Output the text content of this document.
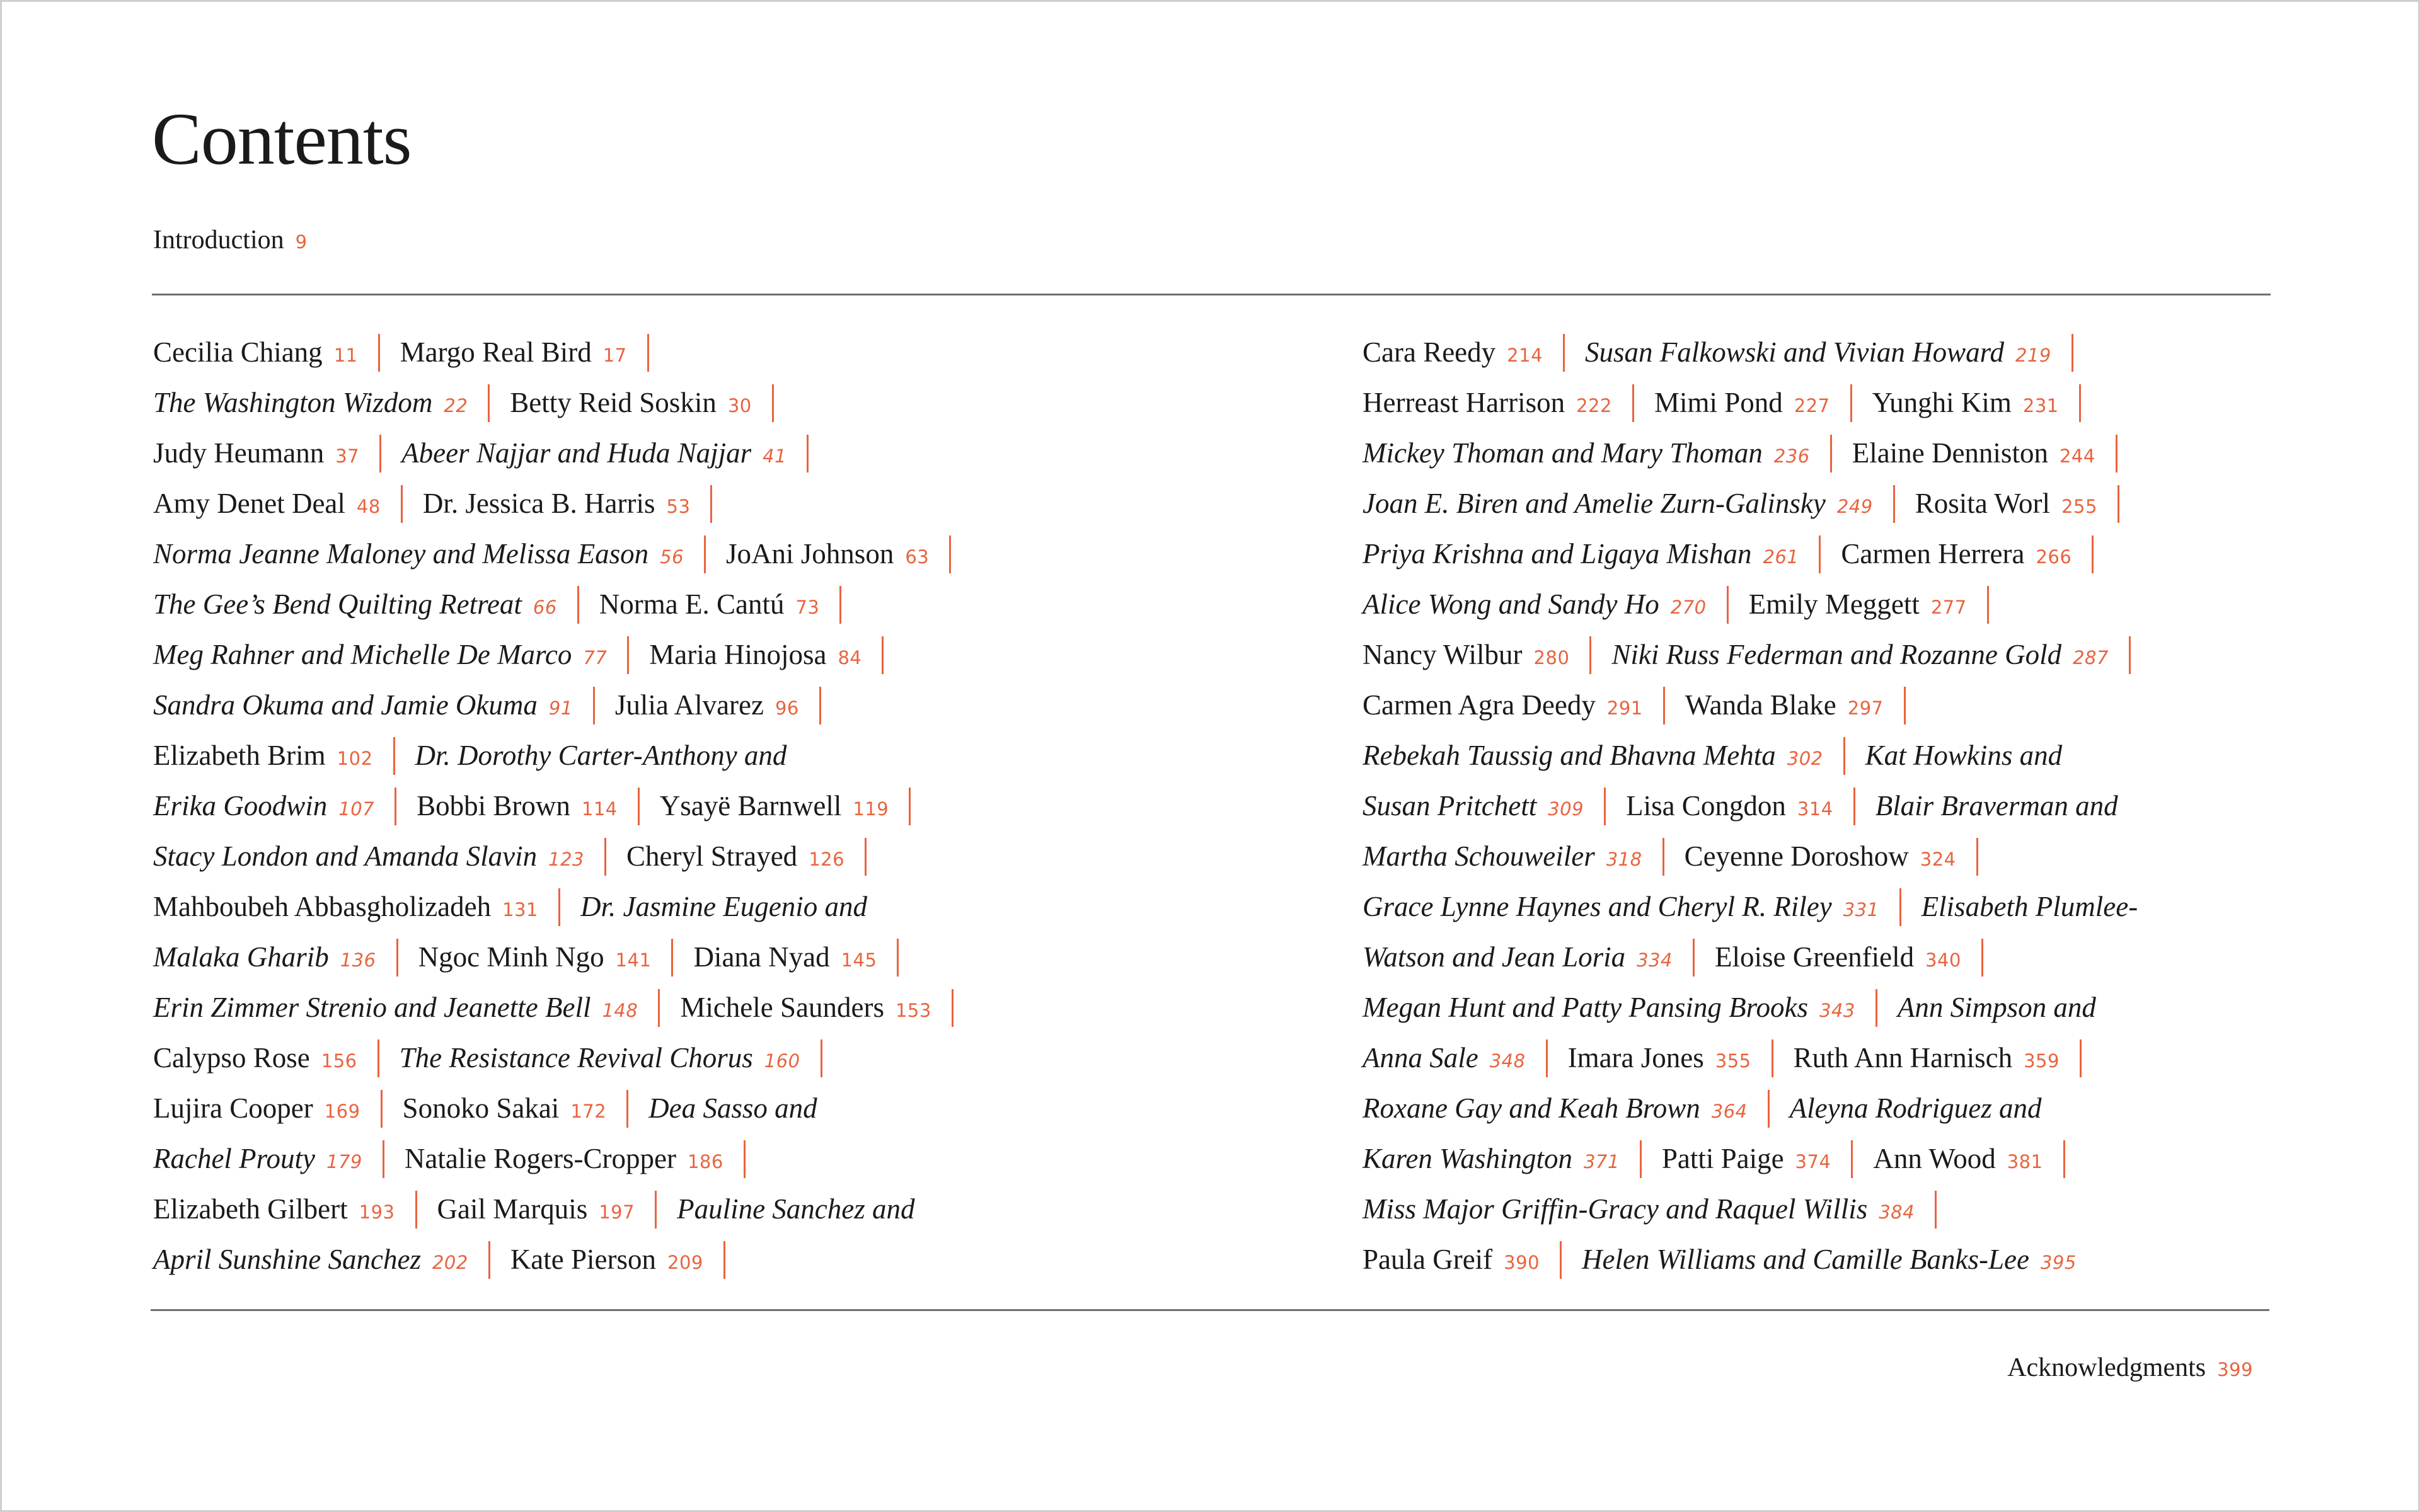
Contents
Introduction 9
Cecilia Chiang 11 Margo Real Bird 17
The Washington Wizdom 22 Betty Reid Soskin 30
Judy Heumann 37 Abeer Najjar and Huda Najjar 41
Amy Denet Deal 48 Dr. Jessica B. Harris 53
Norma Jeanne Maloney and Melissa Eason 56 JoAni Johnson 63
The Gee’s Bend Quilting Retreat 66 Norma E. Cantú 73
Meg Rahner and Michelle De Marco 77 Maria Hinojosa 84
Sandra Okuma and Jamie Okuma 91 Julia Alvarez 96
Elizabeth Brim 102 Dr. Dorothy Carter-Anthony and
Erika Goodwin 107 Bobbi Brown 114 Ysayë Barnwell 119
Stacy London and Amanda Slavin 123 Cheryl Strayed 126
Mahboubeh Abbasgholizadeh 131 Dr. Jasmine Eugenio and
Malaka Gharib 136 Ngoc Minh Ngo 141 Diana Nyad 145
Erin Zimmer Strenio and Jeanette Bell 148 Michele Saunders 153
Calypso Rose 156 The Resistance Revival Chorus 160
Lujira Cooper 169 Sonoko Sakai 172 Dea Sasso and
Rachel Prouty 179 Natalie Rogers-Cropper 186
Elizabeth Gilbert 193 Gail Marquis 197 Pauline Sanchez and
April Sunshine Sanchez 202 Kate Pierson 209
Cara Reedy 214 Susan Falkowski and Vivian Howard 219
Herreast Harrison 222 Mimi Pond 227 Yunghi Kim 231
Mickey Thoman and Mary Thoman 236 Elaine Denniston 244
Joan E. Biren and Amelie Zurn-Galinsky 249 Rosita Worl 255
Priya Krishna and Ligaya Mishan 261 Carmen Herrera 266
Alice Wong and Sandy Ho 270 Emily Meggett 277
Nancy Wilbur 280 Niki Russ Federman and Rozanne Gold 287
Carmen Agra Deedy 291 Wanda Blake 297
Rebekah Taussig and Bhavna Mehta 302 Kat Howkins and
Susan Pritchett 309 Lisa Congdon 314 Blair Braverman and
Martha Schouweiler 318 Ceyenne Doroshow 324
Grace Lynne Haynes and Cheryl R. Riley 331 Elisabeth Plumlee-
Watson and Jean Loria 334 Eloise Greenfield 340
Megan Hunt and Patty Pansing Brooks 343 Ann Simpson and
Anna Sale 348 Imara Jones 355 Ruth Ann Harnisch 359
Roxane Gay and Keah Brown 364 Aleyna Rodriguez and
Karen Washington 371 Patti Paige 374 Ann Wood 381
Miss Major Griffin-Gracy and Raquel Willis 384
Paula Greif 390 Helen Williams and Camille Banks-Lee 395
Acknowledgments 399
